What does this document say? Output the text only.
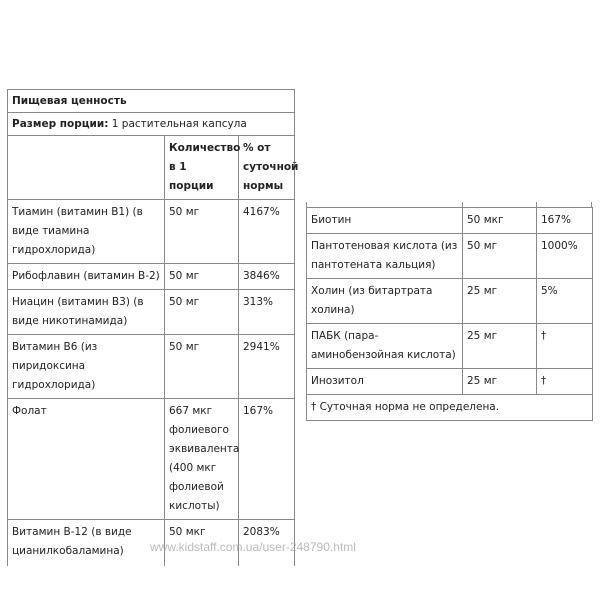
Пищевая ценность		
Размер порции: 1 растительная капсула		
	Количество в 1 порции	% от суточной нормы
Тиамин (витамин B1) (в виде тиамина гидрохлорида)	50 мг	4167%
Рибофлавин (витамин B-2)	50 мг	3846%
Ниацин (витамин B3) (в виде никотинамида)	50 мг	313%
Витамин B6 (из пиридоксина гидрохлорида)	50 мг	2941%
Фолат	667 мкг фолиевого эквивалента (400 мкг фолиевой кислоты)	167%
Витамин B-12 (в виде цианилкобаламина)	50 мкг	2083%
Биотин	50 мкг	167%
Пантотеновая кислота (из пантотената кальция)	50 мг	1000%
Холин (из битартрата холина)	25 мг	5%
ПАБК (пара-аминобензойная кислота)	25 мг	†
Инозитол	25 мг	†
† Суточная норма не определена.		
www.kidstaff.com.ua/user-248790.html
